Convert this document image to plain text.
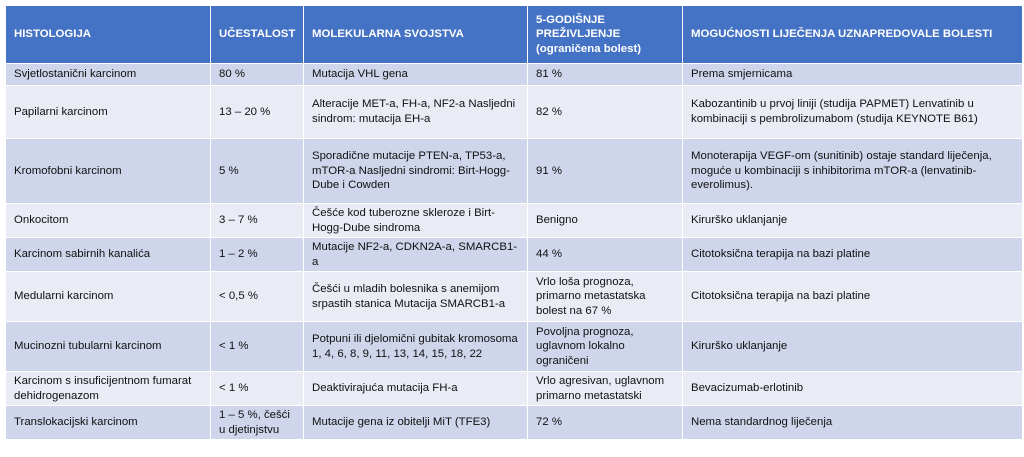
HISTOLOGIJA	UČESTALOST	MOLEKULARNA SVOJSTVA	5-GODIŠNJE PREŽIVLJENJE (ograničena bolest)	MOGUĆNOSTI LIJEČENJA UZNAPREDOVALE BOLESTI
Svjetlostanični karcinom	80 %	Mutacija VHL gena	81 %	Prema smjernicama
Papilarni karcinom	13 – 20 %	Alteracije MET-a, FH-a, NF2-a Nasljedni sindrom: mutacija EH-a	82 %	Kabozantinib u prvoj liniji (studija PAPMET) Lenvatinib u kombinaciji s pembrolizumabom (studija KEYNOTE B61)
Kromofobni karcinom	5 %	Sporadične mutacije PTEN-a, TP53-a, mTOR-a Nasljedni sindromi: Birt-Hogg-Dube i Cowden	91 %	Monoterapija VEGF-om (sunitinib) ostaje standard liječenja, moguće u kombinaciji s inhibitorima mTOR-a (lenvatinib-everolimus).
Onkocitom	3 – 7 %	Češće kod tuberozne skleroze i Birt-Hogg-Dube sindroma	Benigno	Kirurško uklanjanje
Karcinom sabirnih kanalića	1 – 2 %	Mutacije NF2-a, CDKN2A-a, SMARCB1-a	44 %	Citotoksična terapija na bazi platine
Medularni karcinom	< 0,5 %	Češći u mladih bolesnika s anemijom srpastih stanica Mutacija SMARCB1-a	Vrlo loša prognoza, primarno metastatska bolest na 67 %	Citotoksična terapija na bazi platine
Mucinozni tubularni karcinom	< 1 %	Potpuni ili djelomični gubitak kromosoma 1, 4, 6, 8, 9, 11, 13, 14, 15, 18, 22	Povoljna prognoza, uglavnom lokalno ograničeni	Kirurško uklanjanje
Karcinom s insuficijentnom fumarat dehidrogenazom	< 1 %	Deaktivirajuća mutacija FH-a	Vrlo agresivan, uglavnom primarno metastatski	Bevacizumab-erlotinib
Translokacijski karcinom	1 – 5 %, češći u djetinjstvu	Mutacije gena iz obitelji MiT (TFE3)	72 %	Nema standardnog liječenja
